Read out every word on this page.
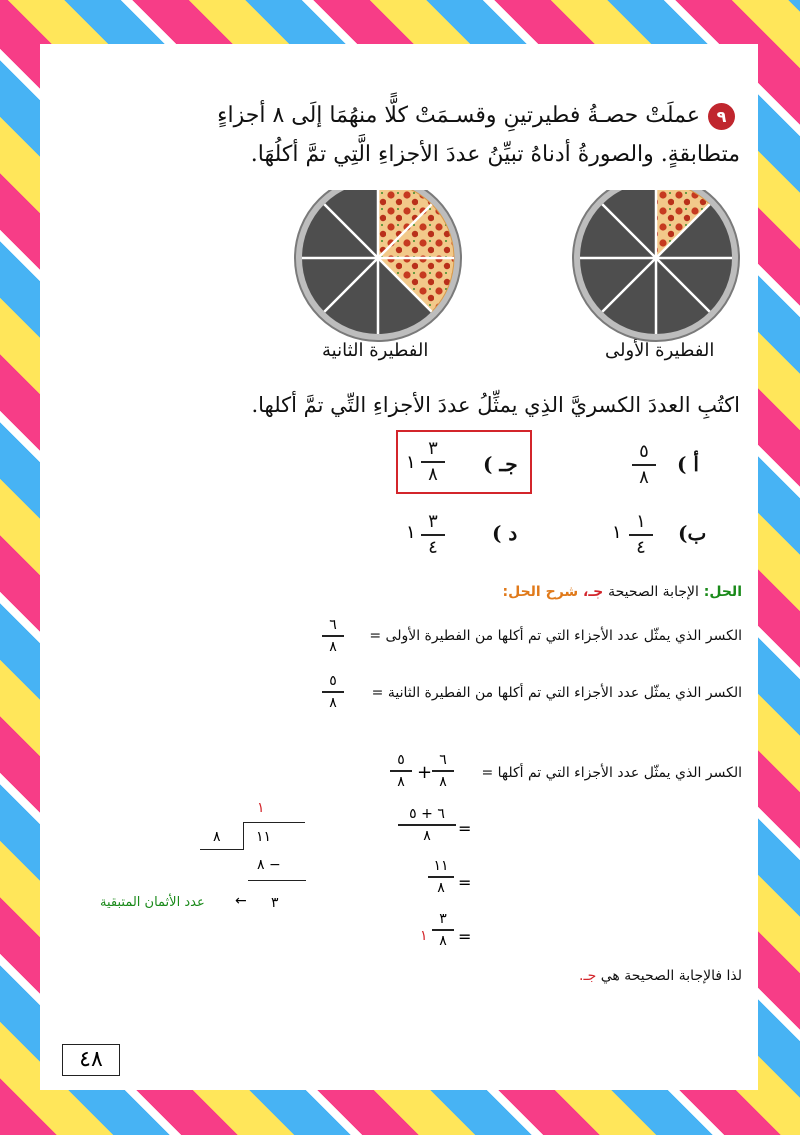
٩
عملَتْ حصـةُ فطيرتينِ وقسـمَتْ كلًّا منهُمَا إلَى ٨ أجزاءٍ
متطابقةٍ. والصورةُ أدناهُ تبيِّنُ عددَ الأجزاءِ الَّتِي تمَّ أكلُهَا.
الفطيرة الأولى
الفطيرة الثانية
اكتُبِ العددَ الكسريَّ الذِي يمثِّلُ عددَ الأجزاءِ التِّي تمَّ أكلها.
أ )
٥
٨
جـ )
٣
٨
١
ب)
١
٤
١
د )
٣
٤
١
الحل: الإجابة الصحيحة جـ، شرح الحل:
الكسر الذي يمثّل عدد الأجزاء التي تم أكلها من الفطيرة الأولى =
٦
٨
الكسر الذي يمثّل عدد الأجزاء التي تم أكلها من الفطيرة الثانية =
٥
٨
الكسر الذي يمثّل عدد الأجزاء التي تم أكلها =
٦
٨
+
٥
٨
=
٦ + ٥
٨
=
١١
٨
=
٣
٨
١
١
١١
٨
٨ −
٣
←
عدد الأثمان المتبقية
لذا فالإجابة الصحيحة هي جـ.
٤٨
